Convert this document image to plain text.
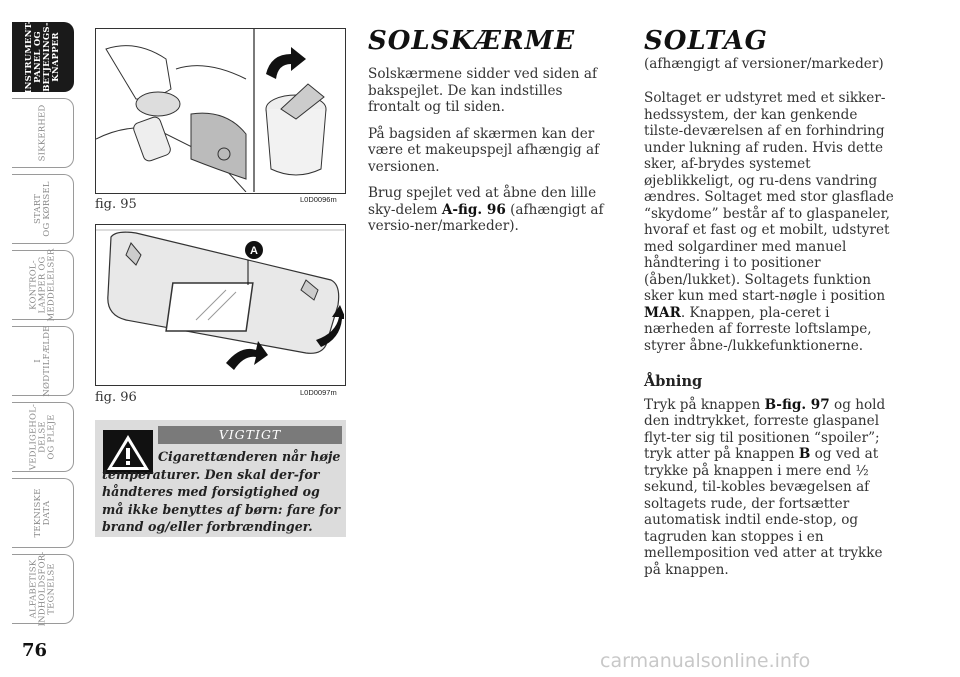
INSTRUMENT-
PANEL OG
BETJENINGS-
KNAPPER
SIKKERHED
START
OG KØRSEL
KONTROL-
LAMPER OG
MEDDELELSER
I
NØDTILFÆLDE
VEDLIGEHOL-
DELSE
OG PLEJE
TEKNISKE
DATA
ALFABETISK
INDHOLDSFOR-
TEGNELSE
76
fig. 95	L0D0096m
A
fig. 96	L0D0097m
VIGTIGT
Cigarettænderen når høje temperaturer. Den skal der-for håndteres med forsigtighed og må ikke benyttes af børn: fare for brand og/eller forbrændinger.
SOLSKÆRME

Solskærmene sidder ved siden af bakspejlet. De kan indstilles frontalt og til siden.

På bagsiden af skærmen kan der være et makeupspejl afhængig af versionen.

Brug spejlet ved at åbne den lille sky-delem A-fig. 96 (afhængigt af versio-ner/markeder).

SOLTAG
(afhængigt af versioner/markeder)

Soltaget er udstyret med et sikker-hedssystem, der kan genkende tilste-deværelsen af en forhindring under lukning af ruden. Hvis dette sker, af-brydes systemet øjeblikkeligt, og ru-dens vandring ændres. Soltaget med stor glasflade “skydome” består af to glaspaneler, hvoraf et fast og et mobilt, udstyret med solgardiner med manuel håndtering i to positioner (åben/lukket). Soltagets funktion sker kun med start-nøgle i position MAR. Knappen, pla-ceret i nærheden af forreste loftslampe, styrer åbne-/lukkefunktionerne.

Åbning

Tryk på knappen B-fig. 97 og hold den indtrykket, forreste glaspanel flyt-ter sig til positionen “spoiler”; tryk atter på knappen B og ved at trykke på knappen i mere end ½ sekund, til-kobles bevægelsen af soltagets rude, der fortsætter automatisk indtil ende-stop, og tagruden kan stoppes i en mellemposition ved atter at trykke på knappen.

carmanualsonline.info
